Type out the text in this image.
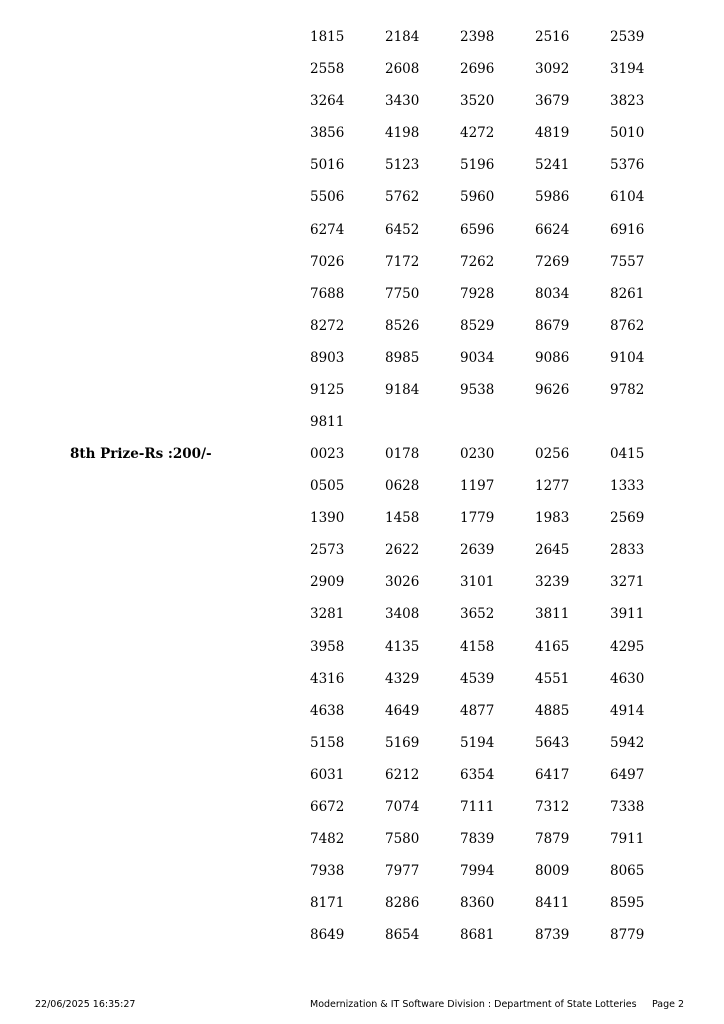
1815	2184	2398	2516	2539
2558	2608	2696	3092	3194
3264	3430	3520	3679	3823
3856	4198	4272	4819	5010
5016	5123	5196	5241	5376
5506	5762	5960	5986	6104
6274	6452	6596	6624	6916
7026	7172	7262	7269	7557
7688	7750	7928	8034	8261
8272	8526	8529	8679	8762
8903	8985	9034	9086	9104
9125	9184	9538	9626	9782
9811
8th Prize-Rs :200/-	0023	0178	0230	0256	0415
0505	0628	1197	1277	1333
1390	1458	1779	1983	2569
2573	2622	2639	2645	2833
2909	3026	3101	3239	3271
3281	3408	3652	3811	3911
3958	4135	4158	4165	4295
4316	4329	4539	4551	4630
4638	4649	4877	4885	4914
5158	5169	5194	5643	5942
6031	6212	6354	6417	6497
6672	7074	7111	7312	7338
7482	7580	7839	7879	7911
7938	7977	7994	8009	8065
8171	8286	8360	8411	8595
8649	8654	8681	8739	8779
22/06/2025 16:35:27	Modernization & IT Software Division : Department of State Lotteries Page 2
